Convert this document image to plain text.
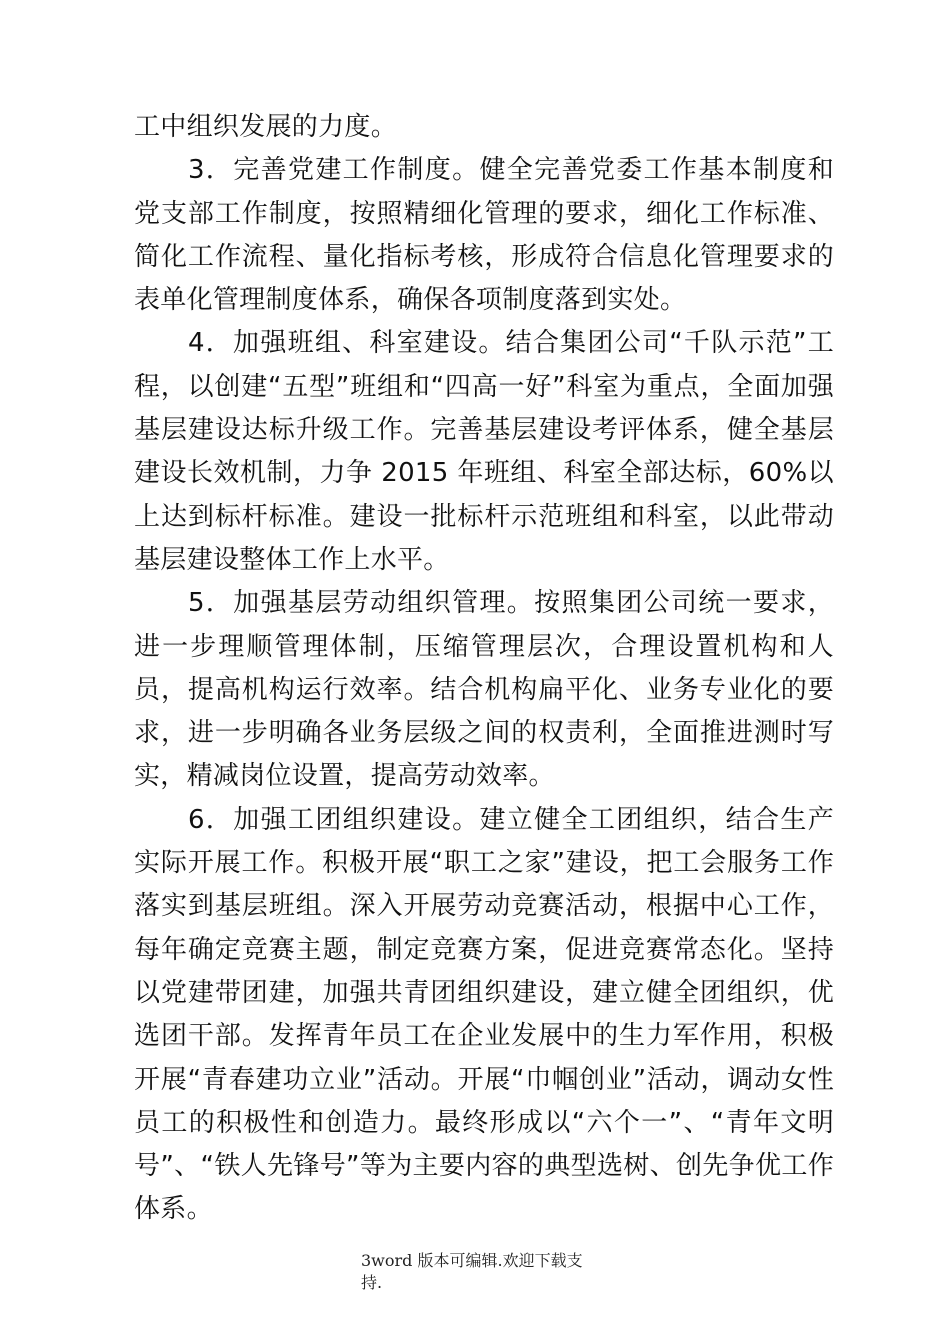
工中组织发展的力度。

3．完善党建工作制度。健全完善党委工作基本制度和党支部工作制度，按照精细化管理的要求，细化工作标准、简化工作流程、量化指标考核，形成符合信息化管理要求的表单化管理制度体系，确保各项制度落到实处。

4．加强班组、科室建设。结合集团公司“千队示范”工程，以创建“五型”班组和“四高一好”科室为重点，全面加强基层建设达标升级工作。完善基层建设考评体系，健全基层建设长效机制，力争 2015 年班组、科室全部达标，60%以上达到标杆标准。建设一批标杆示范班组和科室，以此带动基层建设整体工作上水平。

5．加强基层劳动组织管理。按照集团公司统一要求，进一步理顺管理体制，压缩管理层次，合理设置机构和人员，提高机构运行效率。结合机构扁平化、业务专业化的要求，进一步明确各业务层级之间的权责利，全面推进测时写实，精减岗位设置，提高劳动效率。

6．加强工团组织建设。建立健全工团组织，结合生产实际开展工作。积极开展“职工之家”建设，把工会服务工作落实到基层班组。深入开展劳动竞赛活动，根据中心工作，每年确定竞赛主题，制定竞赛方案，促进竞赛常态化。坚持以党建带团建，加强共青团组织建设，建立健全团组织，优选团干部。发挥青年员工在企业发展中的生力军作用，积极开展“青春建功立业”活动。开展“巾帼创业”活动，调动女性员工的积极性和创造力。最终形成以“六个一”、“青年文明号”、“铁人先锋号”等为主要内容的典型选树、创先争优工作体系。

3word 版本可编辑.欢迎下载支持.
